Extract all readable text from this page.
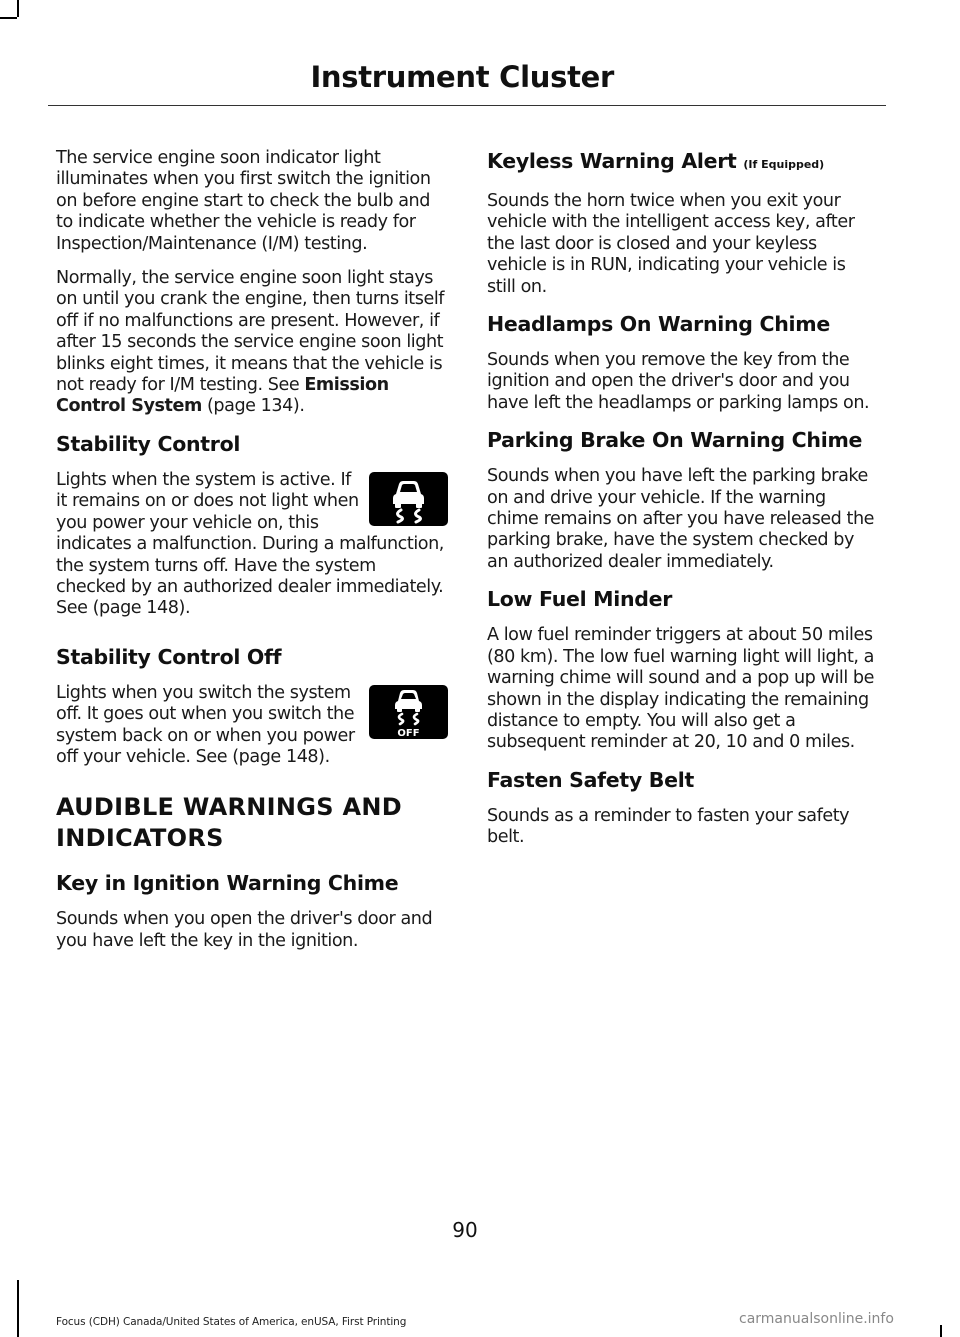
Instrument Cluster

The service engine soon indicator light illuminates when you first switch the ignition on before engine start to check the bulb and to indicate whether the vehicle is ready for Inspection/Maintenance (I/M) testing.

Normally, the service engine soon light stays on until you crank the engine, then turns itself off if no malfunctions are present. However, if after 15 seconds the service engine soon light blinks eight times, it means that the vehicle is not ready for I/M testing. See Emission Control System (page 134).

Stability Control

Lights when the system is active. If it remains on or does not light when you power your vehicle on, this indicates a malfunction. During a malfunction, the system turns off. Have the system checked by an authorized dealer immediately. See (page 148).

Stability Control Off
OFF

Lights when you switch the system off. It goes out when you switch the system back on or when you power off your vehicle. See (page 148).

AUDIBLE WARNINGS AND INDICATORS
Key in Ignition Warning Chime

Sounds when you open the driver's door and you have left the key in the ignition.

Keyless Warning Alert (If Equipped)

Sounds the horn twice when you exit your vehicle with the intelligent access key, after the last door is closed and your keyless vehicle is in RUN, indicating your vehicle is still on.

Headlamps On Warning Chime

Sounds when you remove the key from the ignition and open the driver's door and you have left the headlamps or parking lamps on.

Parking Brake On Warning Chime

Sounds when you have left the parking brake on and drive your vehicle. If the warning chime remains on after you have released the parking brake, have the system checked by an authorized dealer immediately.

Low Fuel Minder

A low fuel reminder triggers at about 50 miles (80 km). The low fuel warning light will light, a warning chime will sound and a pop up will be shown in the display indicating the remaining distance to empty. You will also get a subsequent reminder at 20, 10 and 0 miles.

Fasten Safety Belt

Sounds as a reminder to fasten your safety belt.

90
Focus (CDH) Canada/United States of America, enUSA, First Printing	carmanualsonline.info
